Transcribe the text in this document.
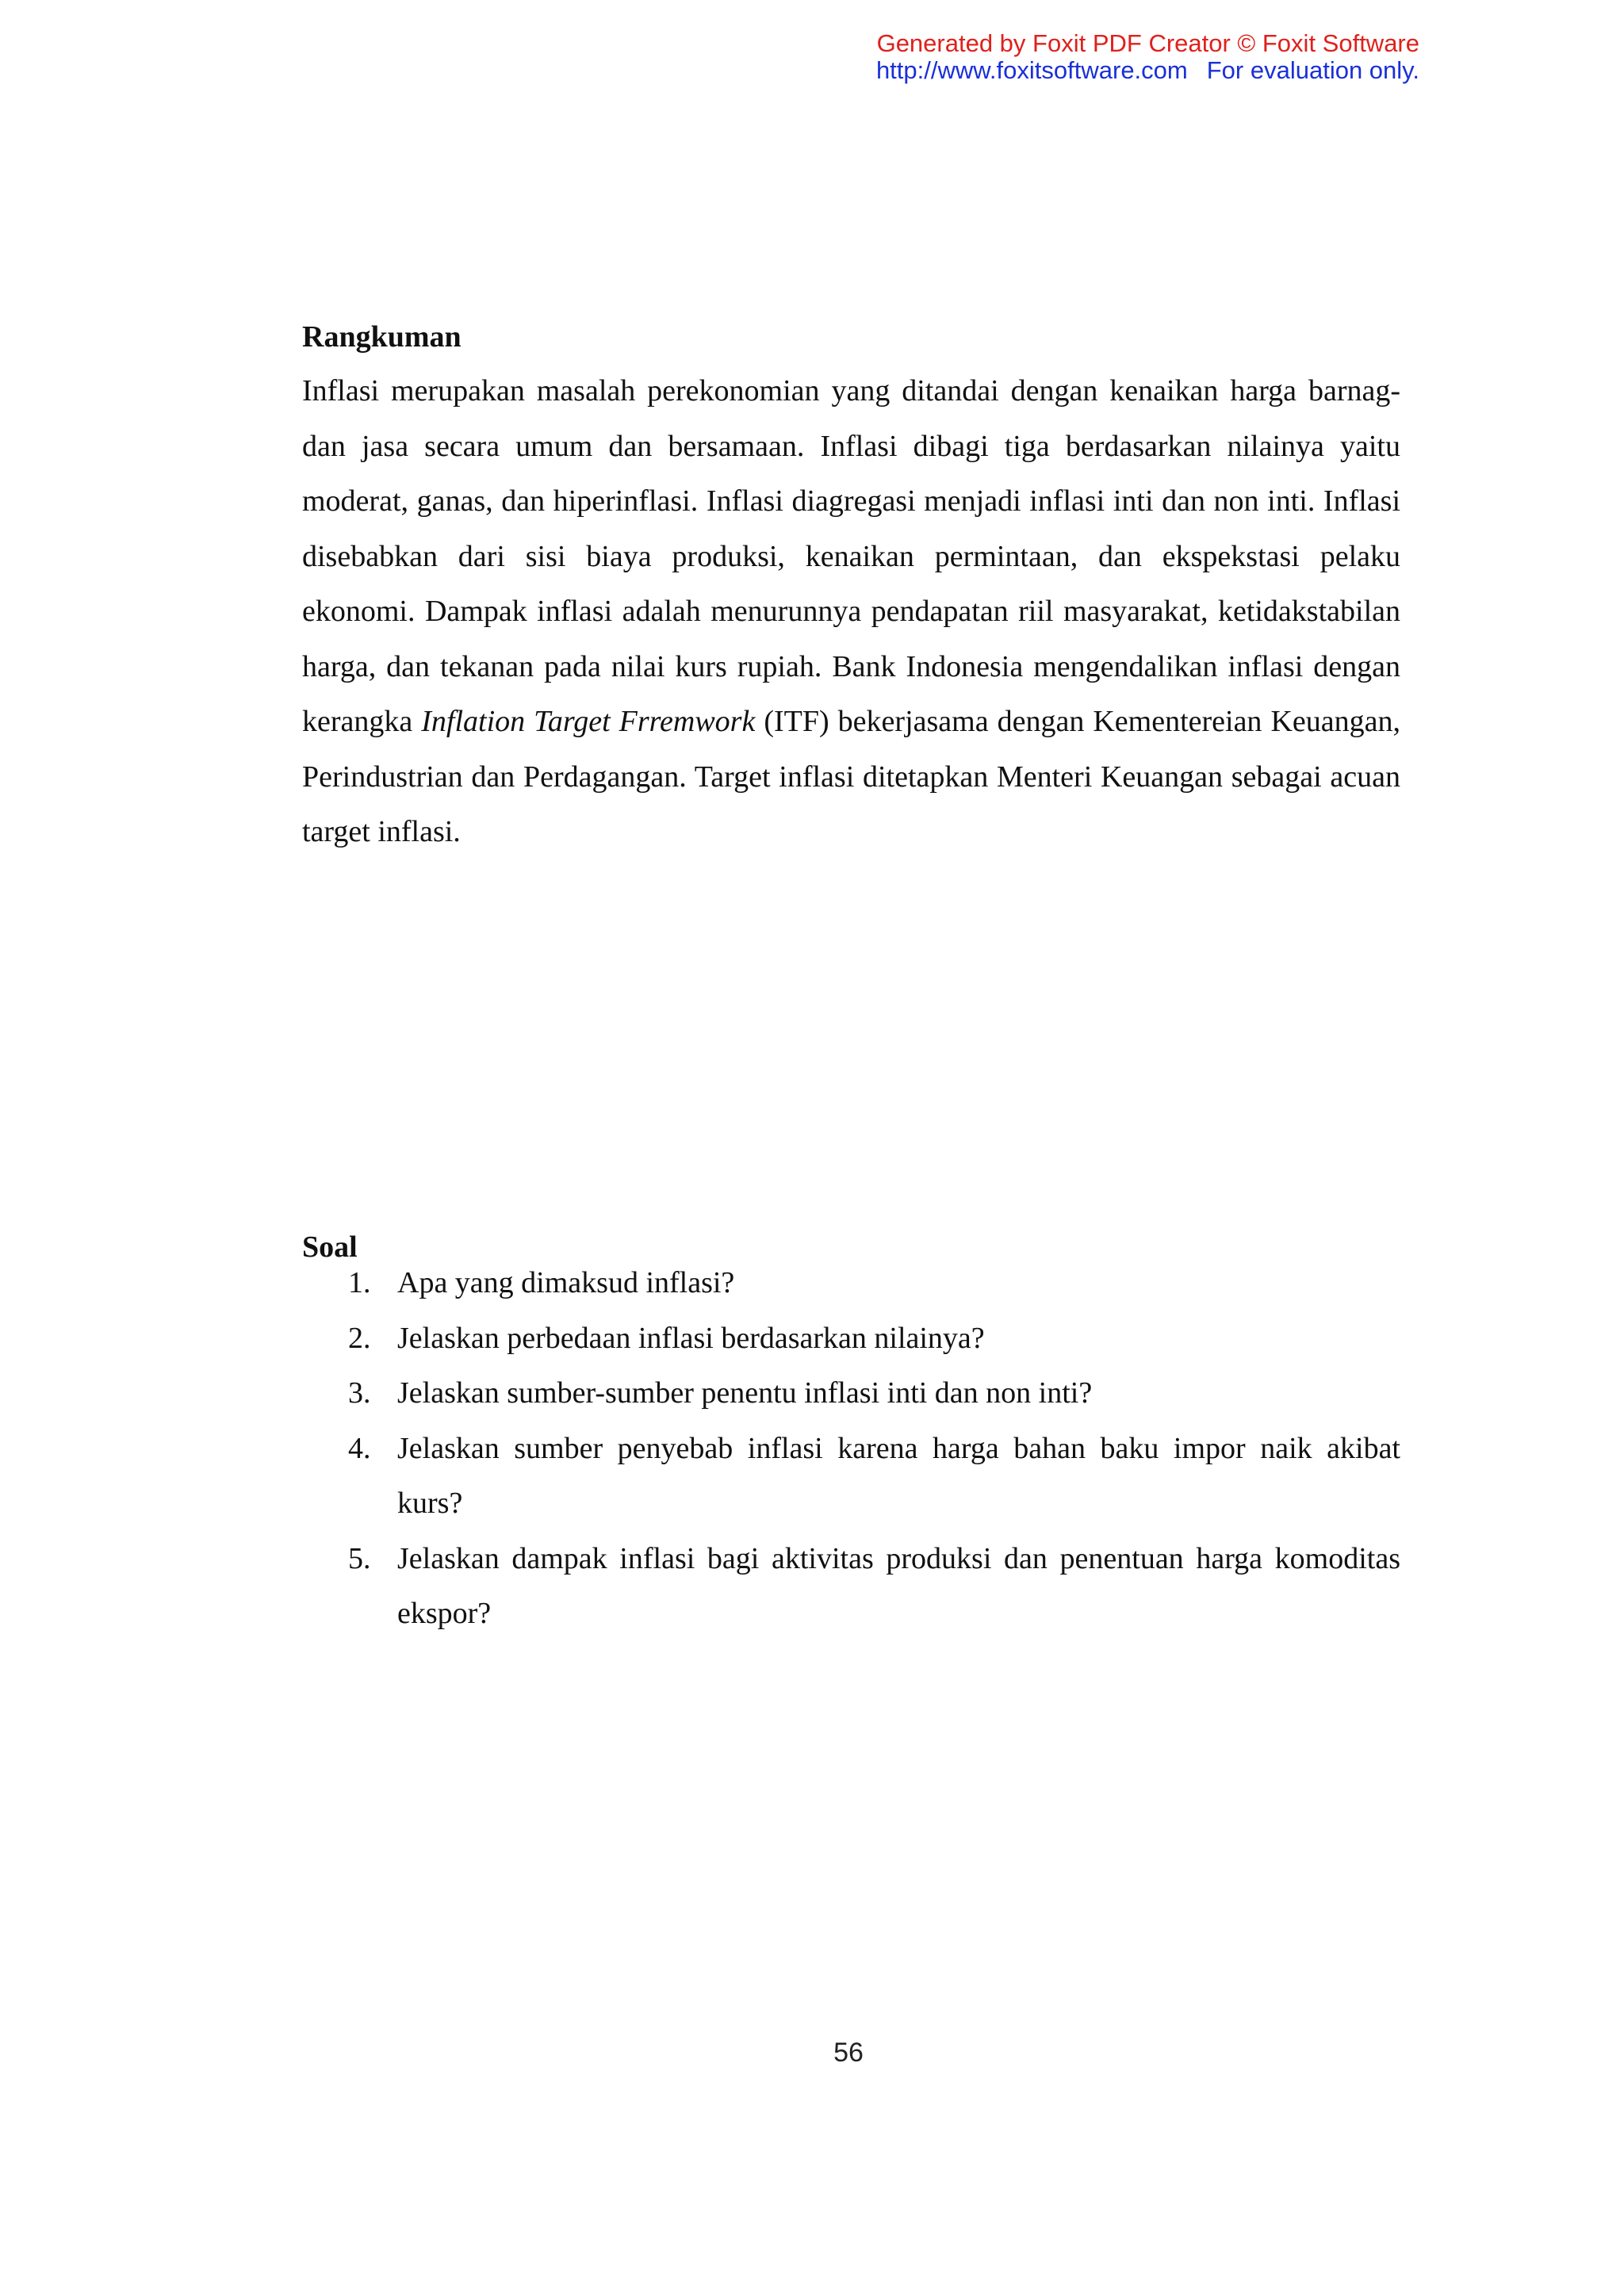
Generated by Foxit PDF Creator © Foxit Software
http://www.foxitsoftware.com For evaluation only.
Rangkuman

Inflasi merupakan masalah perekonomian yang ditandai dengan kenaikan harga barnag- dan jasa secara umum dan bersamaan. Inflasi dibagi tiga berdasarkan nilainya yaitu moderat, ganas, dan hiperinflasi. Inflasi diagregasi menjadi inflasi inti dan non inti. Inflasi disebabkan dari sisi biaya produksi, kenaikan permintaan, dan ekspekstasi pelaku ekonomi. Dampak inflasi adalah menurunnya pendapatan riil masyarakat, ketidakstabilan harga, dan tekanan pada nilai kurs rupiah. Bank Indonesia mengendalikan inflasi dengan kerangka Inflation Target Frremwork (ITF) bekerjasama dengan Kementereian Keuangan, Perindustrian dan Perdagangan. Target inflasi ditetapkan Menteri Keuangan sebagai acuan target inflasi.

Soal
1. Apa yang dimaksud inflasi?
2. Jelaskan perbedaan inflasi berdasarkan nilainya?
3. Jelaskan sumber-sumber penentu inflasi inti dan non inti?
4. Jelaskan sumber penyebab inflasi karena harga bahan baku impor naik akibat kurs?
5. Jelaskan dampak inflasi bagi aktivitas produksi dan penentuan harga komoditas ekspor?
56
